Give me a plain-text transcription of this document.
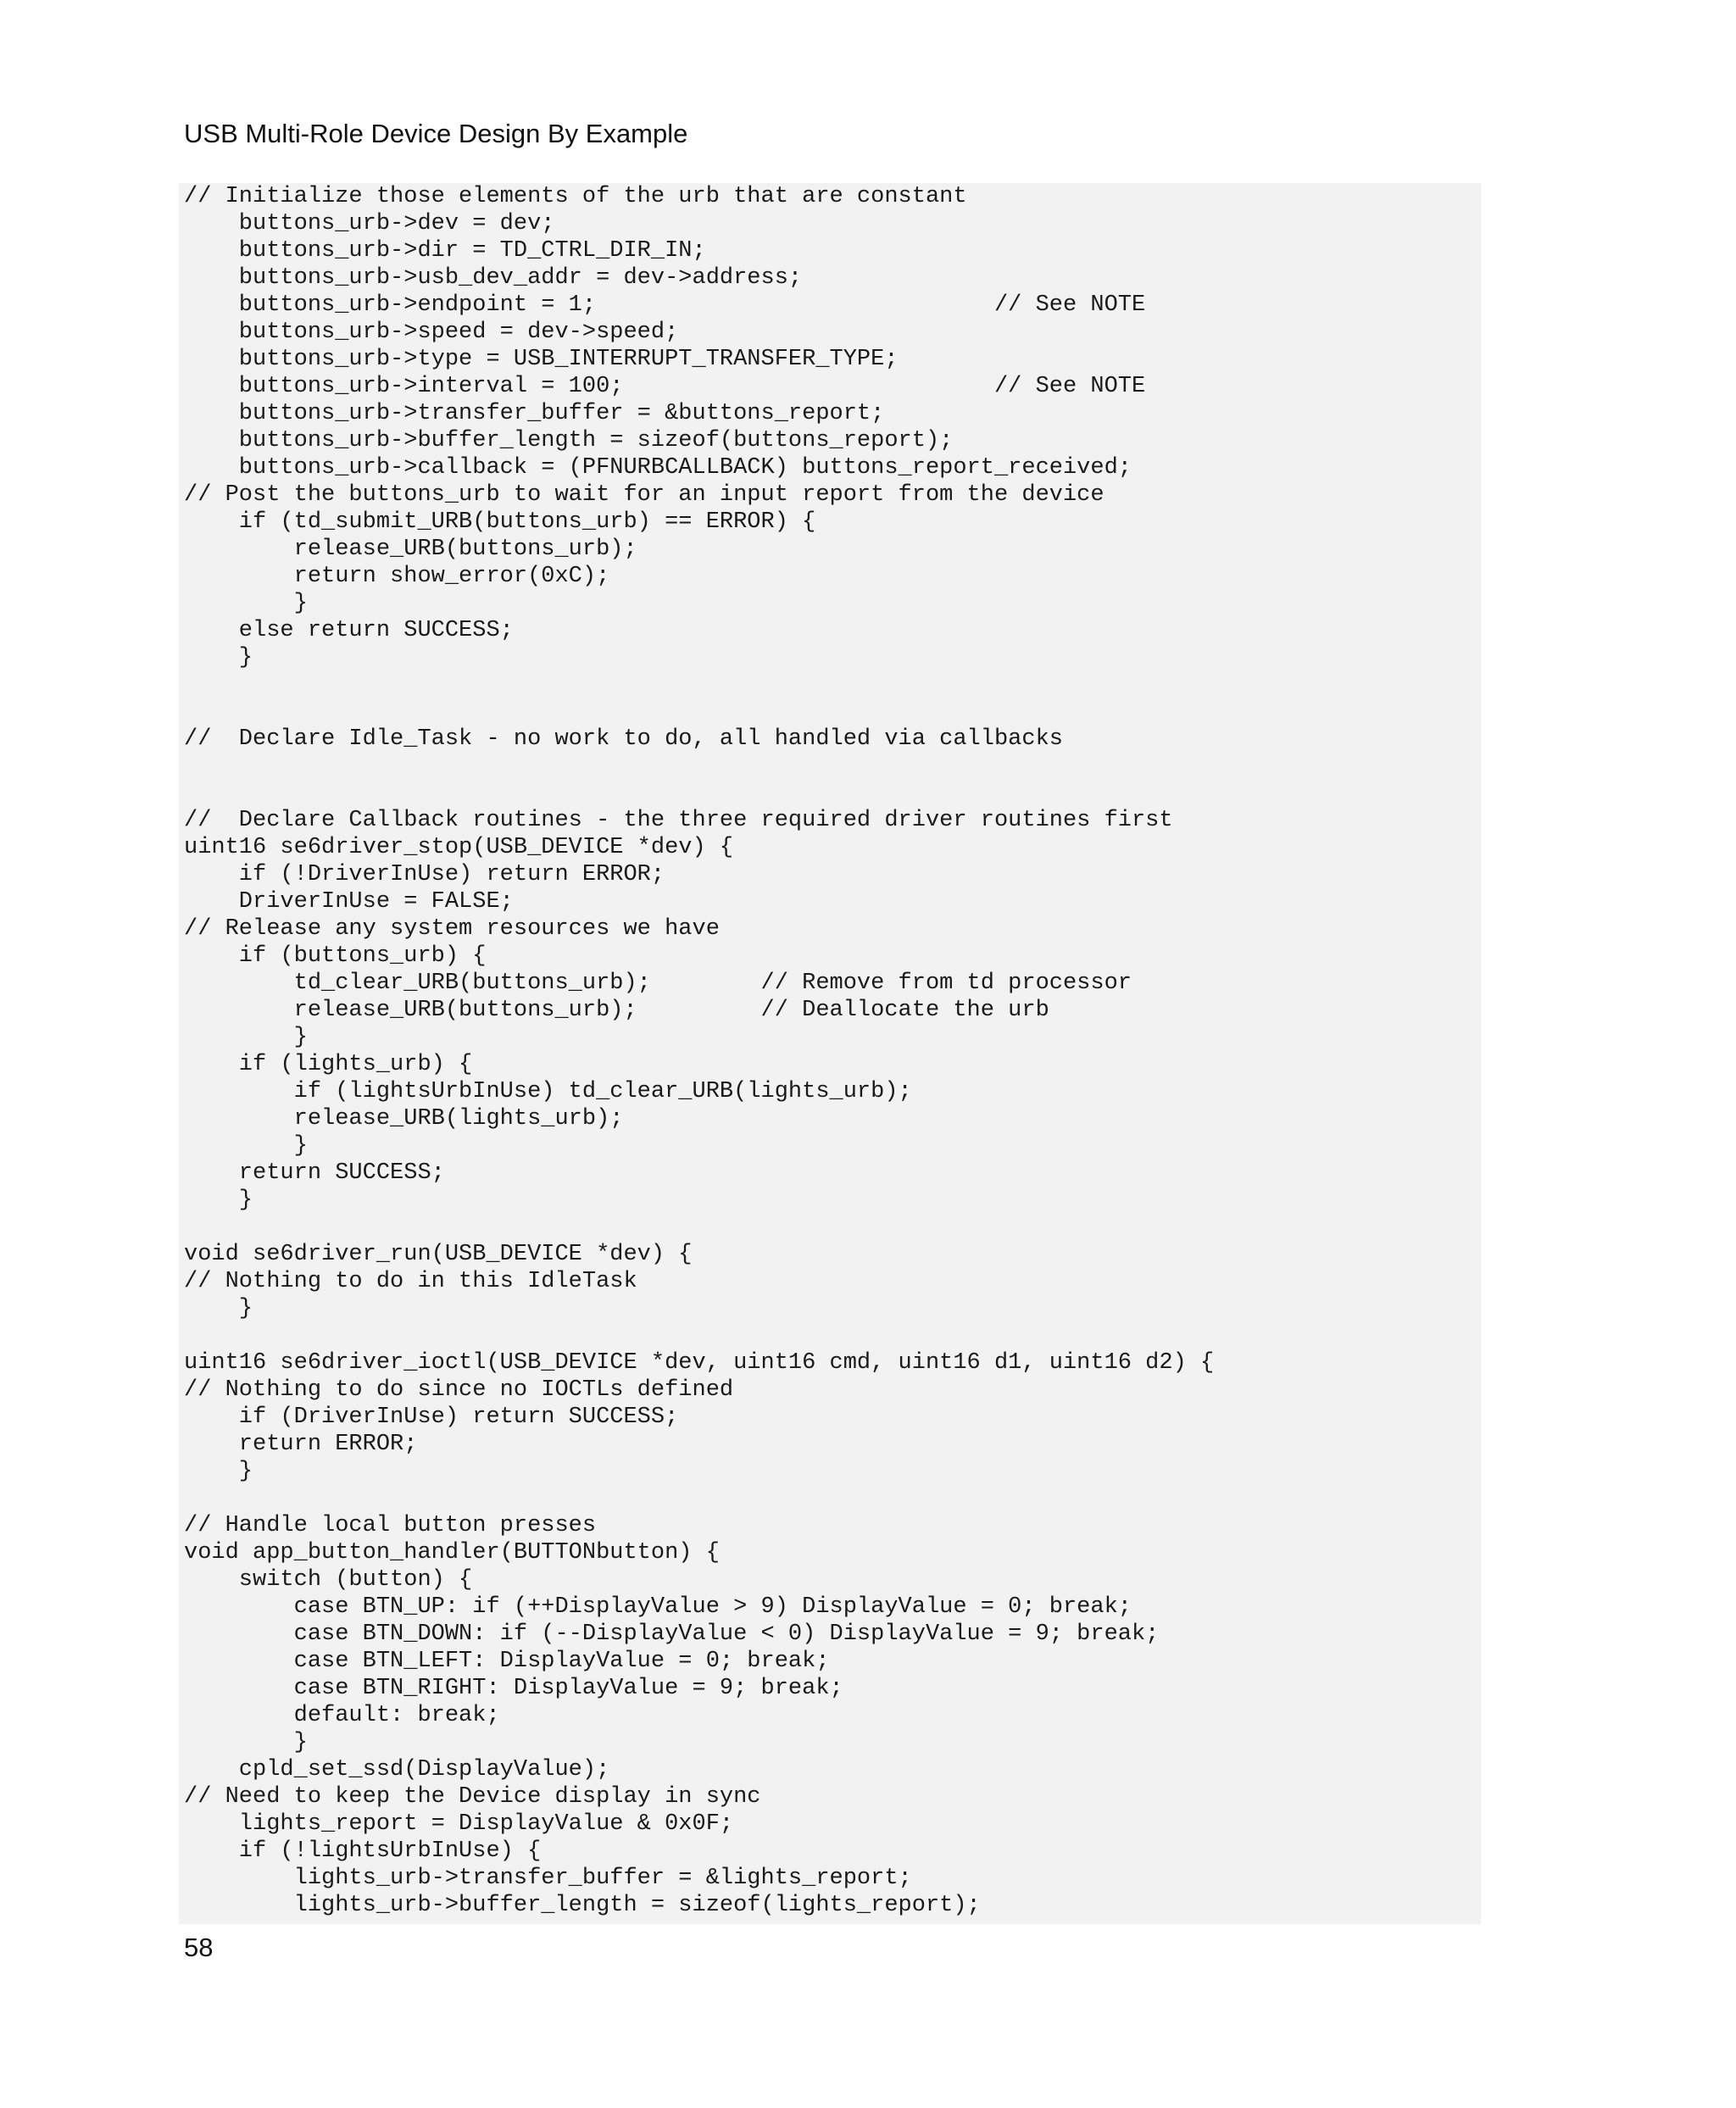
USB Multi-Role Device Design By Example
// Initialize those elements of the urb that are constant
buttons_urb->dev = dev;
buttons_urb->dir = TD_CTRL_DIR_IN;
buttons_urb->usb_dev_addr = dev->address;
buttons_urb->endpoint = 1;                             // See NOTE
buttons_urb->speed = dev->speed;
buttons_urb->type = USB_INTERRUPT_TRANSFER_TYPE;
buttons_urb->interval = 100;                           // See NOTE
buttons_urb->transfer_buffer = &buttons_report;
buttons_urb->buffer_length = sizeof(buttons_report);
buttons_urb->callback = (PFNURBCALLBACK) buttons_report_received;
// Post the buttons_urb to wait for an input report from the device
if (td_submit_URB(buttons_urb) == ERROR) {
release_URB(buttons_urb);
return show_error(0xC);
}
else return SUCCESS;
}

//  Declare Idle_Task - no work to do, all handled via callbacks

//  Declare Callback routines - the three required driver routines first
uint16 se6driver_stop(USB_DEVICE *dev) {
if (!DriverInUse) return ERROR;
DriverInUse = FALSE;
// Release any system resources we have
if (buttons_urb) {
td_clear_URB(buttons_urb);        // Remove from td processor
release_URB(buttons_urb);         // Deallocate the urb
}
if (lights_urb) {
if (lightsUrbInUse) td_clear_URB(lights_urb);
release_URB(lights_urb);
}
return SUCCESS;
}

void se6driver_run(USB_DEVICE *dev) {
// Nothing to do in this IdleTask
}

uint16 se6driver_ioctl(USB_DEVICE *dev, uint16 cmd, uint16 d1, uint16 d2) {
// Nothing to do since no IOCTLs defined
if (DriverInUse) return SUCCESS;
return ERROR;
}

// Handle local button presses
void app_button_handler(BUTTONbutton) {
switch (button) {
case BTN_UP: if (++DisplayValue > 9) DisplayValue = 0; break;
case BTN_DOWN: if (--DisplayValue < 0) DisplayValue = 9; break;
case BTN_LEFT: DisplayValue = 0; break;
case BTN_RIGHT: DisplayValue = 9; break;
default: break;
}
cpld_set_ssd(DisplayValue);
// Need to keep the Device display in sync
lights_report = DisplayValue & 0x0F;
if (!lightsUrbInUse) {
lights_urb->transfer_buffer = &lights_report;
lights_urb->buffer_length = sizeof(lights_report);
58
